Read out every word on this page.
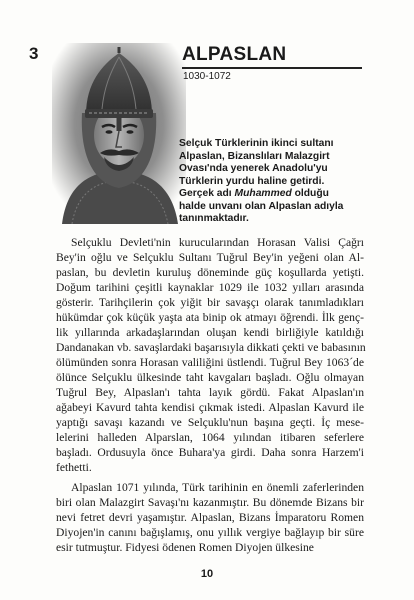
3	ALPASLAN
1030-1072

Selçuk Türklerinin ikinci sultanı

Alpaslan, Bizanslıları Malazgirt

Ovası'nda yenerek Anadolu'yu

Türklerin yurdu haline getirdi.

Gerçek adı Muhammed olduğu

halde unvanı olan Alpaslan adıyla

tanınmaktadır.

Selçuklu Devleti'nin kurucularından Horasan Valisi Çağrı
Bey'in oğlu ve Selçuklu Sultanı Tuğrul Bey'in yeğeni olan Al-
paslan, bu devletin kuruluş döneminde güç koşullarda yetişti.
Doğum tarihini çeşitli kaynaklar 1029 ile 1032 yılları arasında
gösterir. Tarihçilerin çok yiğit bir savaşçı olarak tanımladıkları
hükümdar çok küçük yaşta ata binip ok atmayı öğrendi. İlk genç-
lik yıllarında arkadaşlarından oluşan kendi birliğiyle katıldığı
Dandanakan vb. savaşlardaki başarısıyla dikkati çekti ve babasının
ölümünden sonra Horasan valiliğini üstlendi. Tuğrul Bey 1063´de
ölünce Selçuklu ülkesinde taht kavgaları başladı. Oğlu olmayan
Tuğrul Bey, Alpaslan'ı tahta layık gördü. Fakat Alpaslan'ın
ağabeyi Kavurd tahta kendisi çıkmak istedi. Alpaslan Kavurd ile
yaptığı savaşı kazandı ve Selçuklu'nun başına geçti. İç mese-
lelerini halleden Alparslan, 1064 yılından itibaren seferlere
başladı. Ordusuyla önce Buhara'ya girdi. Daha sonra Harzem'i
fethetti.
Alpaslan 1071 yılında, Türk tarihinin en önemli zaferlerinden
biri olan Malazgirt Savaşı'nı kazanmıştır. Bu dönemde Bizans bir
nevi fetret devri yaşamıştır. Alpaslan, Bizans İmparatoru Romen
Diyojen'in canını bağışlamış, onu yıllık vergiye bağlayıp bir süre
esir tutmuştur. Fidyesi ödenen Romen Diyojen ülkesine
10
